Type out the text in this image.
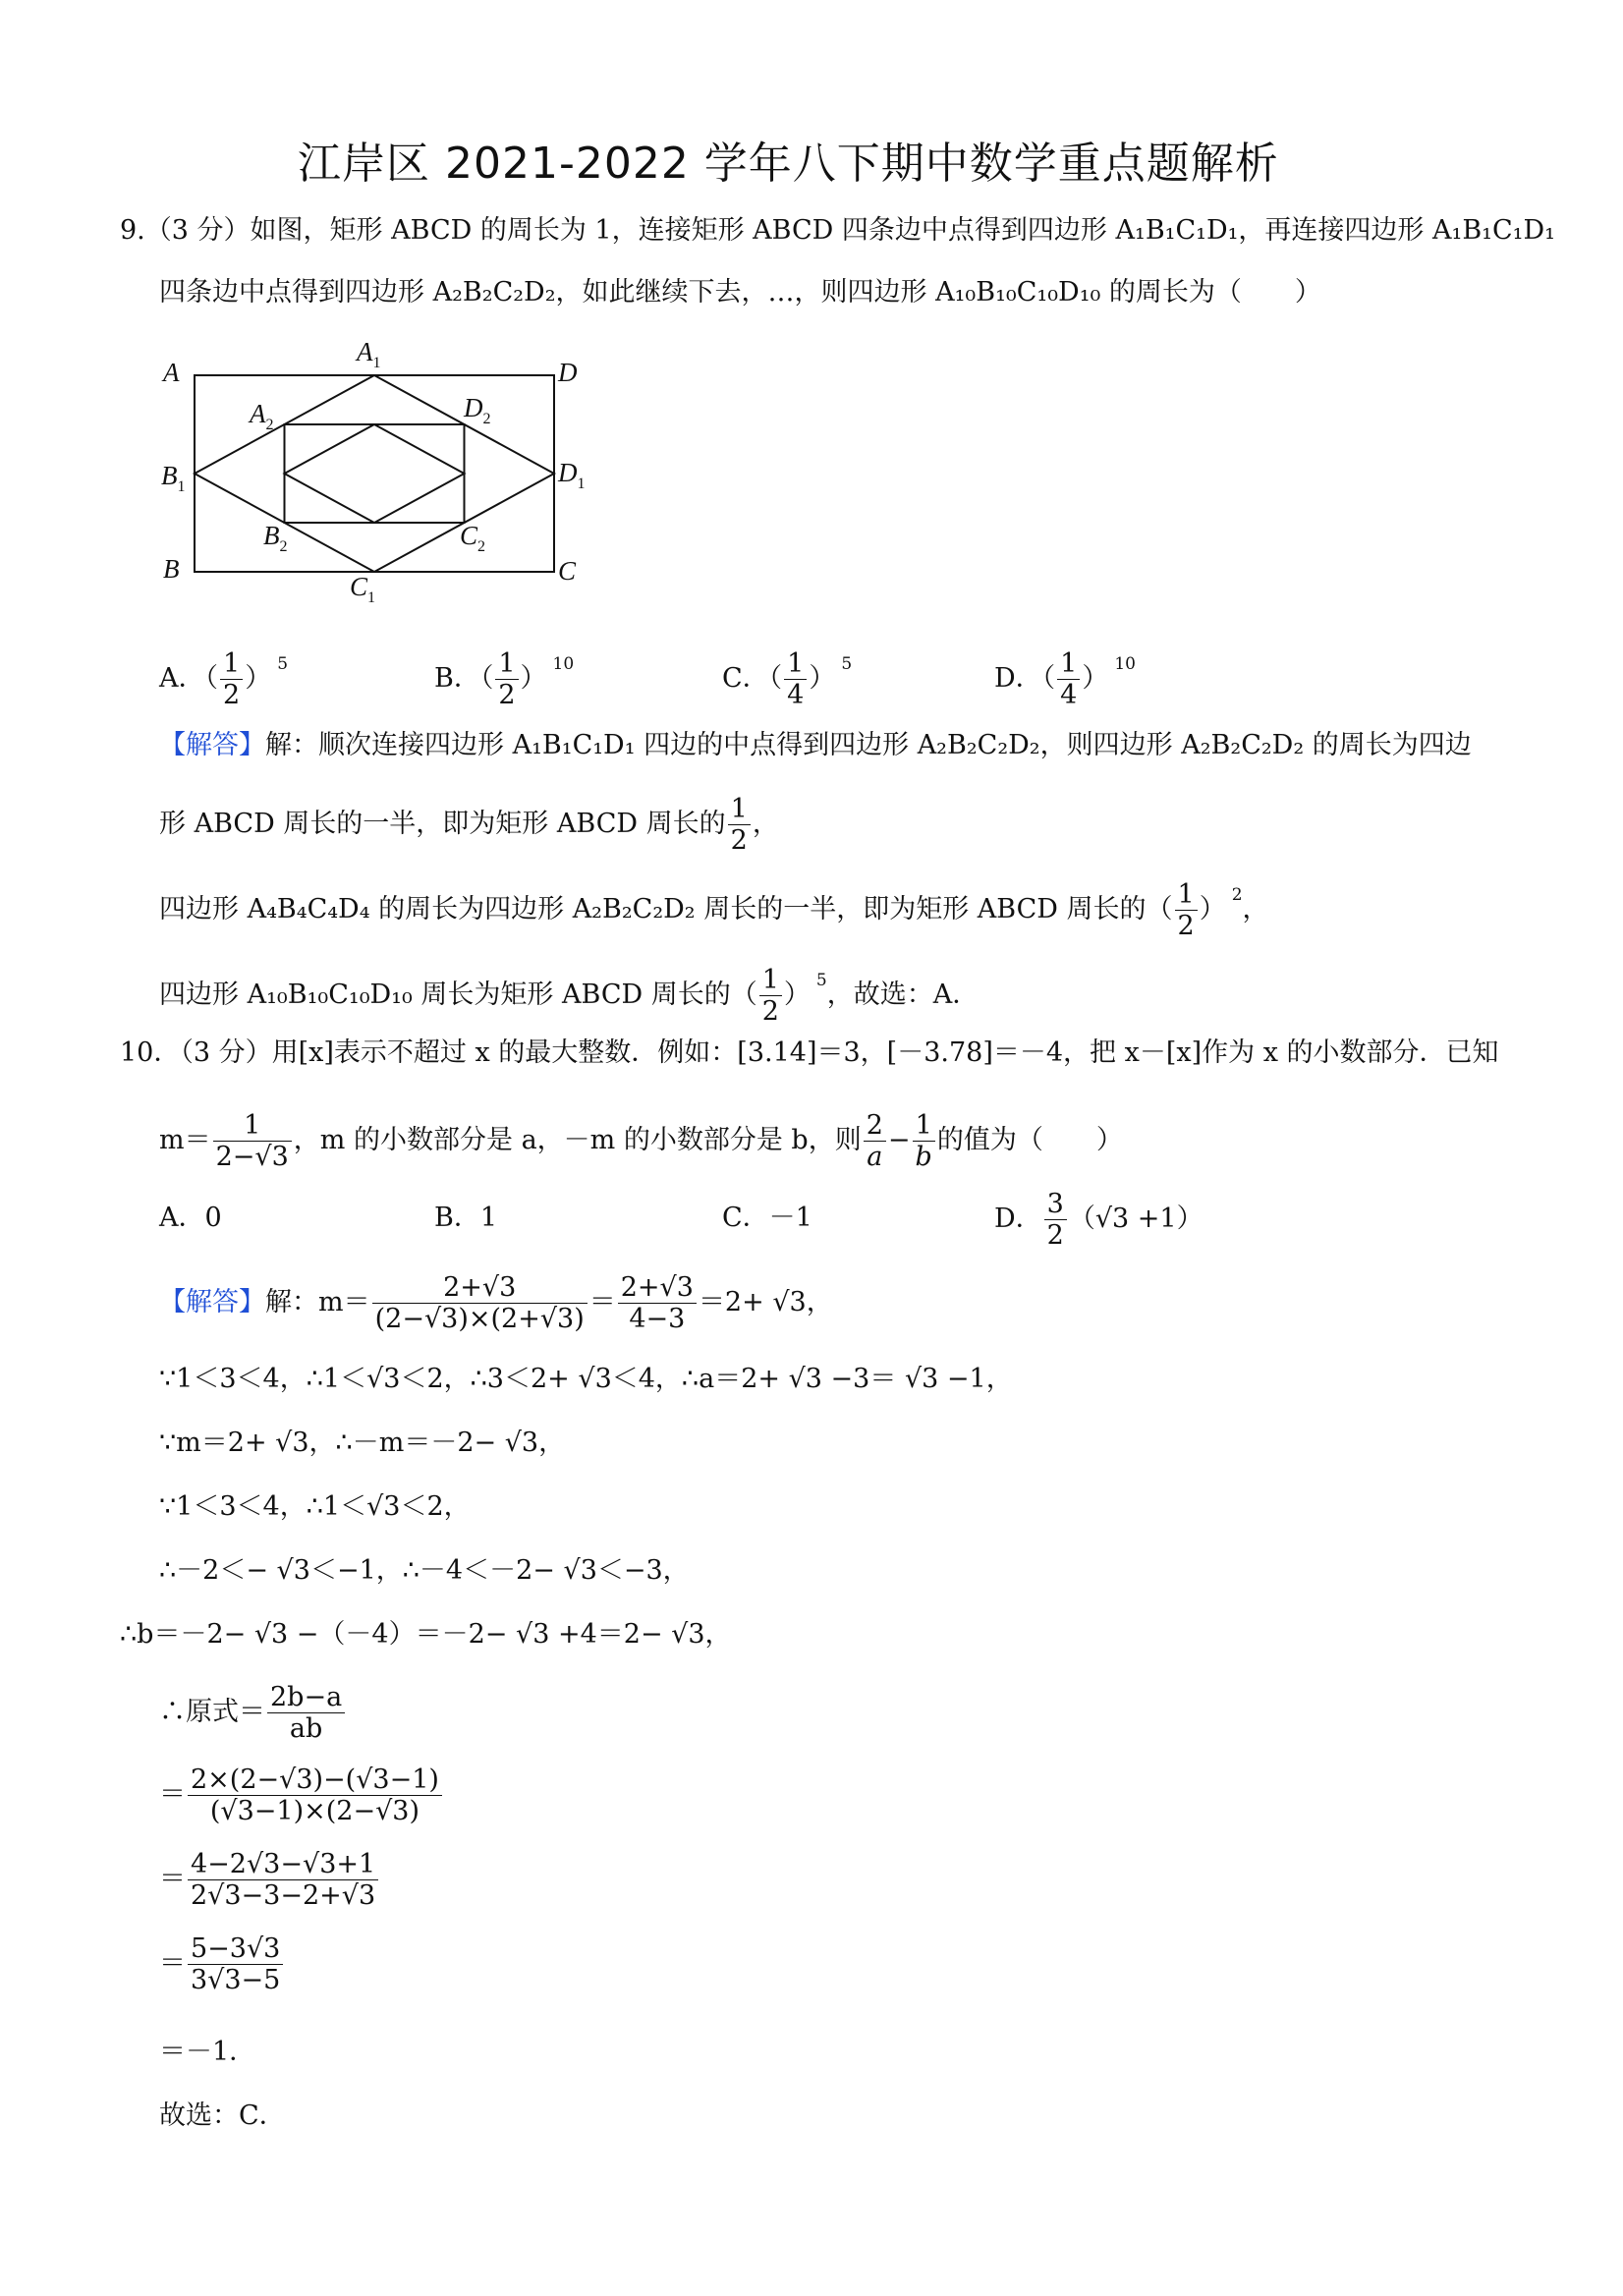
江岸区 2021-2022 学年八下期中数学重点题解析
9.（3 分）如图，矩形 ABCD 的周长为 1，连接矩形 ABCD 四条边中点得到四边形 A₁B₁C₁D₁，再连接四边形 A₁B₁C₁D₁
四条边中点得到四边形 A₂B₂C₂D₂，如此继续下去，…，则四边形 A₁₀B₁₀C₁₀D₁₀ 的周长为（　　）
A
$A_1$	D
$A_2$
$D_2$
$B_1$	$D_1$
$B_2$	$C_2$
B	C
$C_1$
A．（ $\frac{1}{2}$ ） $^5$	B．（ $\frac{1}{2}$ ） $^{10}$	C．（ $\frac{1}{4}$ ） $^5$	D．（ $\frac{1}{4}$ ） $^{10}$
【解答】解：顺次连接四边形 A₁B₁C₁D₁ 四边的中点得到四边形 A₂B₂C₂D₂，则四边形 A₂B₂C₂D₂ 的周长为四边
形 ABCD 周长的一半，即为矩形 ABCD 周长的 $\frac{1}{2}$ ，
四边形 A₄B₄C₄D₄ 的周长为四边形 A₂B₂C₂D₂ 周长的一半，即为矩形 ABCD 周长的（ $\frac{1}{2}$ ） $^2$，
四边形 A₁₀B₁₀C₁₀D₁₀ 周长为矩形 ABCD 周长的（ $\frac{1}{2}$ ） $^5$，故选：A．
10．（3 分）用[x]表示不超过 x 的最大整数．例如：[3.14]＝3，[－3.78]＝－4，把 x－[x]作为 x 的小数部分．已知
$m= \frac{1}{2-√3}$ ，m 的小数部分是 a，－m 的小数部分是 b，则 $\frac{2}{a} - \frac{1}{b}$ 的值为（　　）
A．0	B．1	C．－1	D． $\frac{3}{2} (√3 +1)$
【解答】解：$m= \frac{2+√3}{(2-√3)\times(2+√3)} = \frac{2+√3}{4-3} =2+ √3$，
∵1＜3＜4，∴1＜√3＜2，∴3＜2+ √3＜4，∴a＝2+ √3 −3＝ √3 −1，
∵m＝2+ √3，∴－m＝－2− √3，
∵1＜3＜4，∴1＜√3＜2，
∴－2＜− √3＜−1，∴－4＜－2− √3＜−3，
∴b＝－2− √3 −（－4）＝－2− √3 +4＝2− √3，
∴原式＝ $\frac{2b-a}{ab}$
＝ $\frac{2\times(2-√3)-(√3-1)}{(√3-1)\times(2-√3)}$
＝ $\frac{4-2√3-√3+1}{2√3-3-2+√3}$
＝ $\frac{5-3√3}{3√3-5}$
＝－1．
故选：C．
